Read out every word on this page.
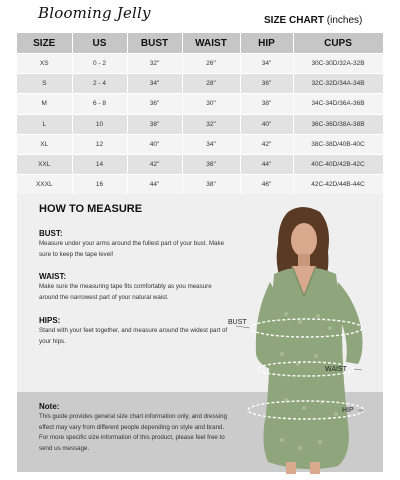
Blooming Jelly	SIZE CHART (inches)
SIZE	US	BUST	WAIST	HIP	CUPS
XS	0 - 2	32"	26"	34"	30C-30D/32A-32B
S	2 - 4	34"	28"	36"	32C-32D/34A-34B
M	6 - 8	36"	30"	38"	34C-34D/36A-36B
L	10	38"	32"	40"	36C-36D/38A-38B
XL	12	40"	34"	42"	38C-38D/40B-40C
XXL	14	42"	36"	44"	40C-40D/42B-42C
XXXL	16	44"	38"	46"	42C-42D/44B-44C
HOW TO MEASURE
BUST:
Measure under your arms around the fullest part of your bust. Make sure to keep the tape level!
WAIST:
Make sure the measuring tape fits comfortably as you measure around the narrowest part of your natural waist.
HIPS:
Stand with your feet together, and measure around the widest part of your hips.
Note:
This guide provides general size chart information only, and dressing effect may vary from different people depending on style and brand. For more specific size information of this product, please feel free to send us message.
BUST
WAIST
HIP
